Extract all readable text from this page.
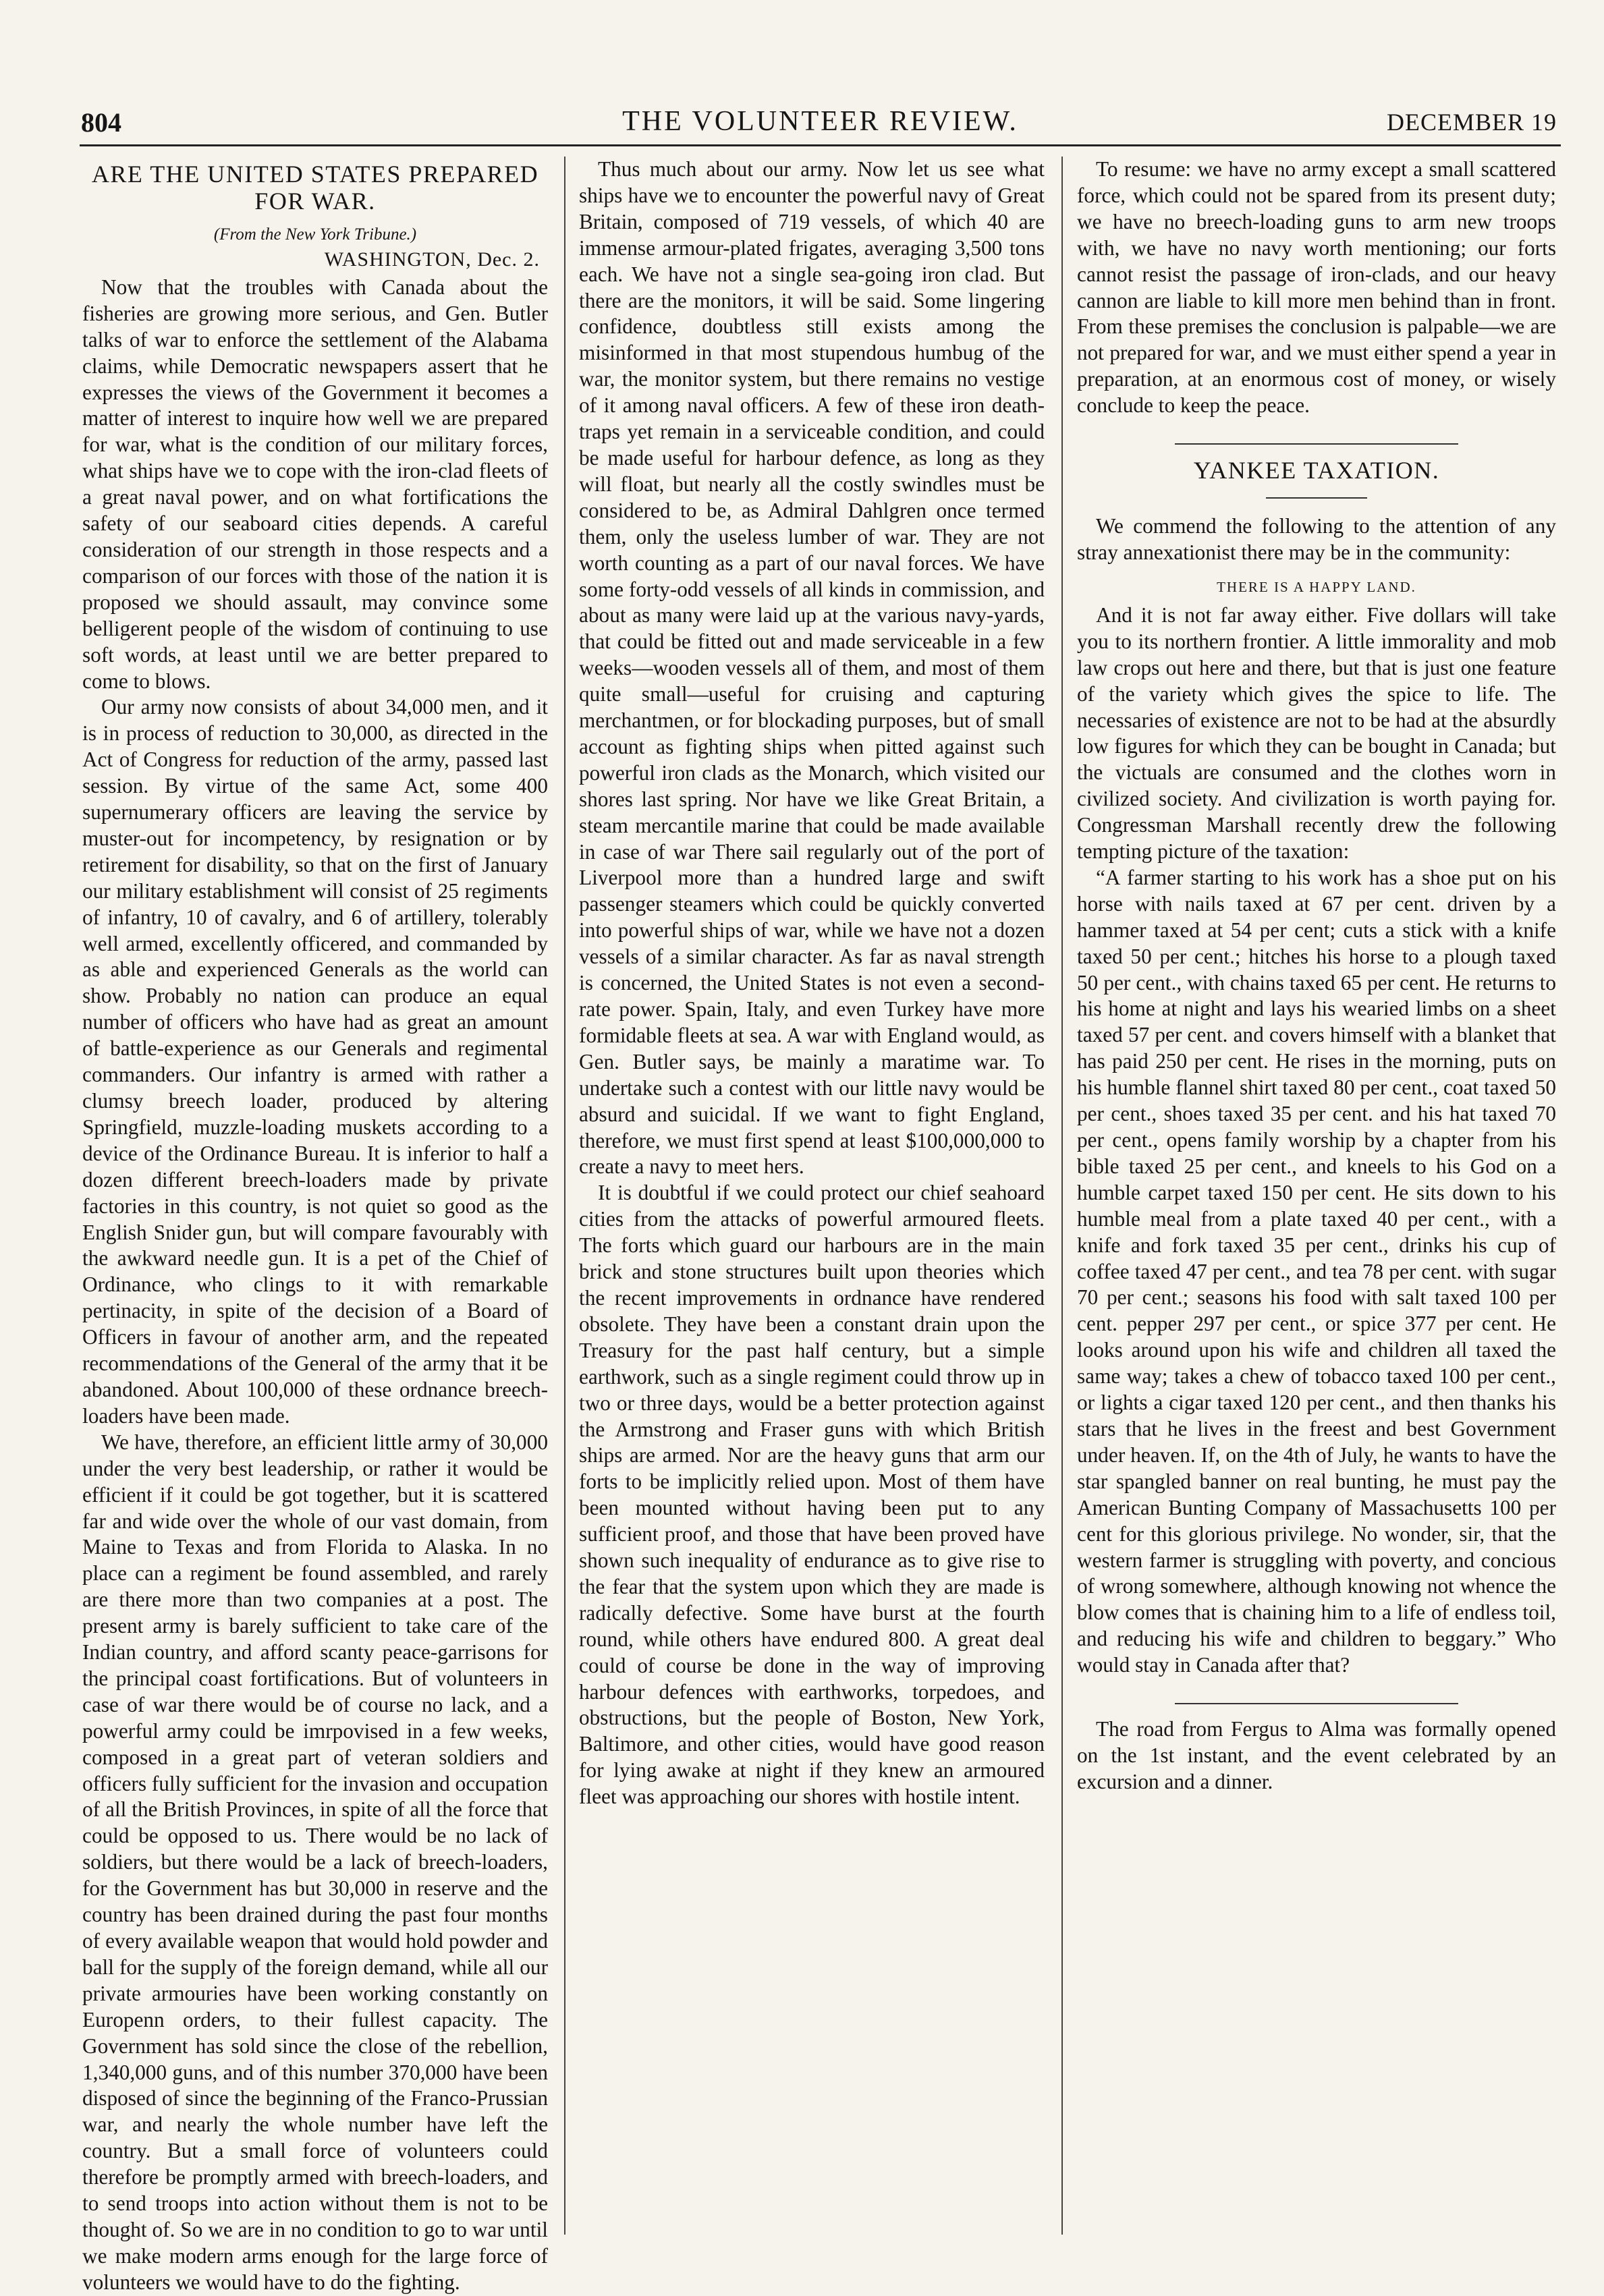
804	THE VOLUNTEER REVIEW.	DECEMBER 19
ARE THE UNITED STATES PREPARED FOR WAR.
(From the New York Tribune.)
WASHINGTON, Dec. 2.

Now that the troubles with Canada about the fisheries are growing more serious, and Gen. Butler talks of war to enforce the settlement of the Alabama claims, while Democratic newspapers assert that he expresses the views of the Government it becomes a matter of interest to inquire how well we are prepared for war, what is the condition of our military forces, what ships have we to cope with the iron-clad fleets of a great naval power, and on what fortifications the safety of our seaboard cities depends. A careful consideration of our strength in those respects and a comparison of our forces with those of the nation it is proposed we should assault, may convince some belligerent people of the wisdom of continuing to use soft words, at least until we are better prepared to come to blows.

Our army now consists of about 34,000 men, and it is in process of reduction to 30,000, as directed in the Act of Congress for reduction of the army, passed last session. By virtue of the same Act, some 400 supernumerary officers are leaving the service by muster-out for incompetency, by resignation or by retirement for disability, so that on the first of January our military establishment will consist of 25 regiments of infantry, 10 of cavalry, and 6 of artillery, tolerably well armed, excellently officered, and commanded by as able and experienced Generals as the world can show. Probably no nation can produce an equal number of officers who have had as great an amount of battle-experience as our Generals and regimental commanders. Our infantry is armed with rather a clumsy breech loader, produced by altering Springfield, muzzle-loading muskets according to a device of the Ordinance Bureau. It is inferior to half a dozen different breech-loaders made by private factories in this country, is not quiet so good as the English Snider gun, but will compare favourably with the awkward needle gun. It is a pet of the Chief of Ordinance, who clings to it with remarkable pertinacity, in spite of the decision of a Board of Officers in favour of another arm, and the repeated recommendations of the General of the army that it be abandoned. About 100,000 of these ordnance breech-loaders have been made.

We have, therefore, an efficient little army of 30,000 under the very best leadership, or rather it would be efficient if it could be got together, but it is scattered far and wide over the whole of our vast domain, from Maine to Texas and from Florida to Alaska. In no place can a regiment be found assembled, and rarely are there more than two companies at a post. The present army is barely sufficient to take care of the Indian country, and afford scanty peace-garrisons for the principal coast fortifications. But of volunteers in case of war there would be of course no lack, and a powerful army could be imrpovised in a few weeks, composed in a great part of veteran soldiers and officers fully sufficient for the invasion and occupation of all the British Provinces, in spite of all the force that could be opposed to us. There would be no lack of soldiers, but there would be a lack of breech-loaders, for the Government has but 30,000 in reserve and the country has been drained during the past four months of every available weapon that would hold powder and ball for the supply of the foreign demand, while all our private armouries have been working constantly on Europenn orders, to their fullest capacity. The Government has sold since the close of the rebellion, 1,340,000 guns, and of this number 370,000 have been disposed of since the beginning of the Franco-Prussian war, and nearly the whole number have left the country. But a small force of volunteers could therefore be promptly armed with breech-loaders, and to send troops into action without them is not to be thought of. So we are in no condition to go to war until we make modern arms enough for the large force of volunteers we would have to do the fighting.

Thus much about our army. Now let us see what ships have we to encounter the powerful navy of Great Britain, composed of 719 vessels, of which 40 are immense armour-plated frigates, averaging 3,500 tons each. We have not a single sea-going iron clad. But there are the monitors, it will be said. Some lingering confidence, doubtless still exists among the misinformed in that most stupendous humbug of the war, the monitor system, but there remains no vestige of it among naval officers. A few of these iron death-traps yet remain in a serviceable condition, and could be made useful for harbour defence, as long as they will float, but nearly all the costly swindles must be considered to be, as Admiral Dahlgren once termed them, only the useless lumber of war. They are not worth counting as a part of our naval forces. We have some forty-odd vessels of all kinds in commission, and about as many were laid up at the various navy-yards, that could be fitted out and made serviceable in a few weeks—wooden vessels all of them, and most of them quite small—useful for cruising and capturing merchantmen, or for blockading purposes, but of small account as fighting ships when pitted against such powerful iron clads as the Monarch, which visited our shores last spring. Nor have we like Great Britain, a steam mercantile marine that could be made available in case of war There sail regularly out of the port of Liverpool more than a hundred large and swift passenger steamers which could be quickly converted into powerful ships of war, while we have not a dozen vessels of a similar character. As far as naval strength is concerned, the United States is not even a second-rate power. Spain, Italy, and even Turkey have more formidable fleets at sea. A war with England would, as Gen. Butler says, be mainly a maratime war. To undertake such a contest with our little navy would be absurd and suicidal. If we want to fight England, therefore, we must first spend at least $100,000,000 to create a navy to meet hers.

It is doubtful if we could protect our chief seahoard cities from the attacks of powerful armoured fleets. The forts which guard our harbours are in the main brick and stone structures built upon theories which the recent improvements in ordnance have rendered obsolete. They have been a constant drain upon the Treasury for the past half century, but a simple earthwork, such as a single regiment could throw up in two or three days, would be a better protection against the Armstrong and Fraser guns with which British ships are armed. Nor are the heavy guns that arm our forts to be implicitly relied upon. Most of them have been mounted without having been put to any sufficient proof, and those that have been proved have shown such inequality of endurance as to give rise to the fear that the system upon which they are made is radically defective. Some have burst at the fourth round, while others have endured 800. A great deal could of course be done in the way of improving harbour defences with earthworks, torpedoes, and obstructions, but the people of Boston, New York, Baltimore, and other cities, would have good reason for lying awake at night if they knew an armoured fleet was approaching our shores with hostile intent.

To resume: we have no army except a small scattered force, which could not be spared from its present duty; we have no breech-loading guns to arm new troops with, we have no navy worth mentioning; our forts cannot resist the passage of iron-clads, and our heavy cannon are liable to kill more men behind than in front. From these premises the conclusion is palpable—we are not prepared for war, and we must either spend a year in preparation, at an enormous cost of money, or wisely conclude to keep the peace.

YANKEE TAXATION.

We commend the following to the attention of any stray annexationist there may be in the community:

THERE IS A HAPPY LAND.

And it is not far away either. Five dollars will take you to its northern frontier. A little immorality and mob law crops out here and there, but that is just one feature of the variety which gives the spice to life. The necessaries of existence are not to be had at the absurdly low figures for which they can be bought in Canada; but the victuals are consumed and the clothes worn in civilized society. And civilization is worth paying for. Congressman Marshall recently drew the following tempting picture of the taxation:

“A farmer starting to his work has a shoe put on his horse with nails taxed at 67 per cent. driven by a hammer taxed at 54 per cent; cuts a stick with a knife taxed 50 per cent.; hitches his horse to a plough taxed 50 per cent., with chains taxed 65 per cent. He returns to his home at night and lays his wearied limbs on a sheet taxed 57 per cent. and covers himself with a blanket that has paid 250 per cent. He rises in the morning, puts on his humble flannel shirt taxed 80 per cent., coat taxed 50 per cent., shoes taxed 35 per cent. and his hat taxed 70 per cent., opens family worship by a chapter from his bible taxed 25 per cent., and kneels to his God on a humble carpet taxed 150 per cent. He sits down to his humble meal from a plate taxed 40 per cent., with a knife and fork taxed 35 per cent., drinks his cup of coffee taxed 47 per cent., and tea 78 per cent. with sugar 70 per cent.; seasons his food with salt taxed 100 per cent. pepper 297 per cent., or spice 377 per cent. He looks around upon his wife and children all taxed the same way; takes a chew of tobacco taxed 100 per cent., or lights a cigar taxed 120 per cent., and then thanks his stars that he lives in the freest and best Government under heaven. If, on the 4th of July, he wants to have the star spangled banner on real bunting, he must pay the American Bunting Company of Massachusetts 100 per cent for this glorious privilege. No wonder, sir, that the western farmer is struggling with poverty, and concious of wrong somewhere, although knowing not whence the blow comes that is chaining him to a life of endless toil, and reducing his wife and children to beggary.” Who would stay in Canada after that?

The road from Fergus to Alma was formally opened on the 1st instant, and the event celebrated by an excursion and a dinner.
